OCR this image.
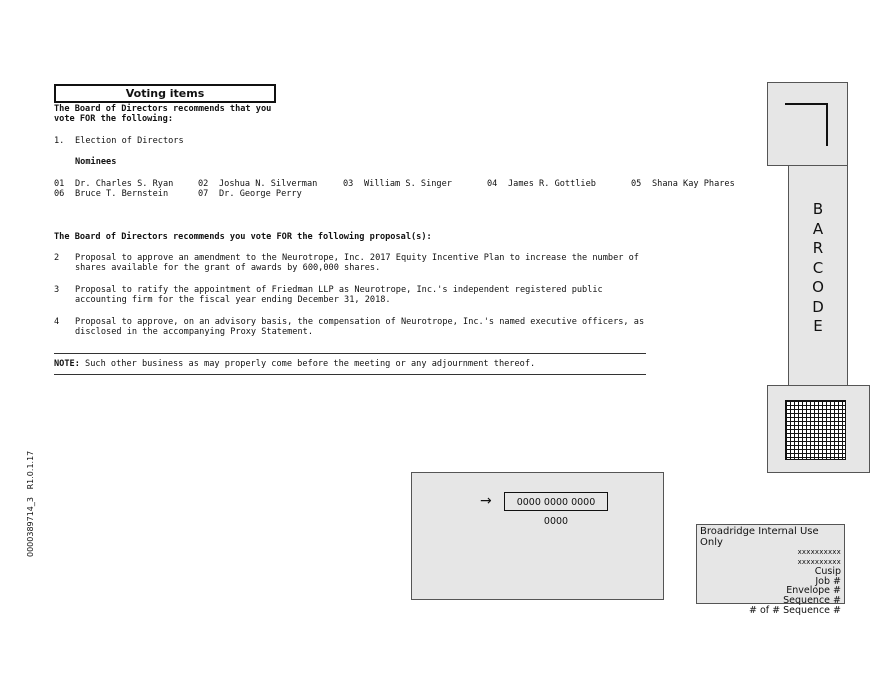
Voting items
The Board of Directors recommends that you
vote FOR the following:
1. Election of Directors
Nominees
01 Dr. Charles S. Ryan	02 Joshua N. Silverman	03 William S. Singer	04 James R. Gottlieb	05 Shana Kay Phares
06 Bruce T. Bernstein	07 Dr. George Perry
The Board of Directors recommends you vote FOR the following proposal(s):
2 Proposal to approve an amendment to the Neurotrope, Inc. 2017 Equity Incentive Plan to increase the number of
shares available for the grant of awards by 600,000 shares.
3 Proposal to ratify the appointment of Friedman LLP as Neurotrope, Inc.'s independent registered public
accounting firm for the fiscal year ending December 31, 2018.
4 Proposal to approve, on an advisory basis, the compensation of Neurotrope, Inc.'s named executive officers, as
disclosed in the accompanying Proxy Statement.
NOTE: Such other business as may properly come before the meeting or any adjournment thereof.
B
A
R
C
O
D
E
→	0000 0000 0000 0000
Broadridge Internal Use Only
xxxxxxxxxx
xxxxxxxxxx
Cusip
Job #
Envelope #
Sequence #
# of # Sequence #
0000389714_3   R1.0.1.17
